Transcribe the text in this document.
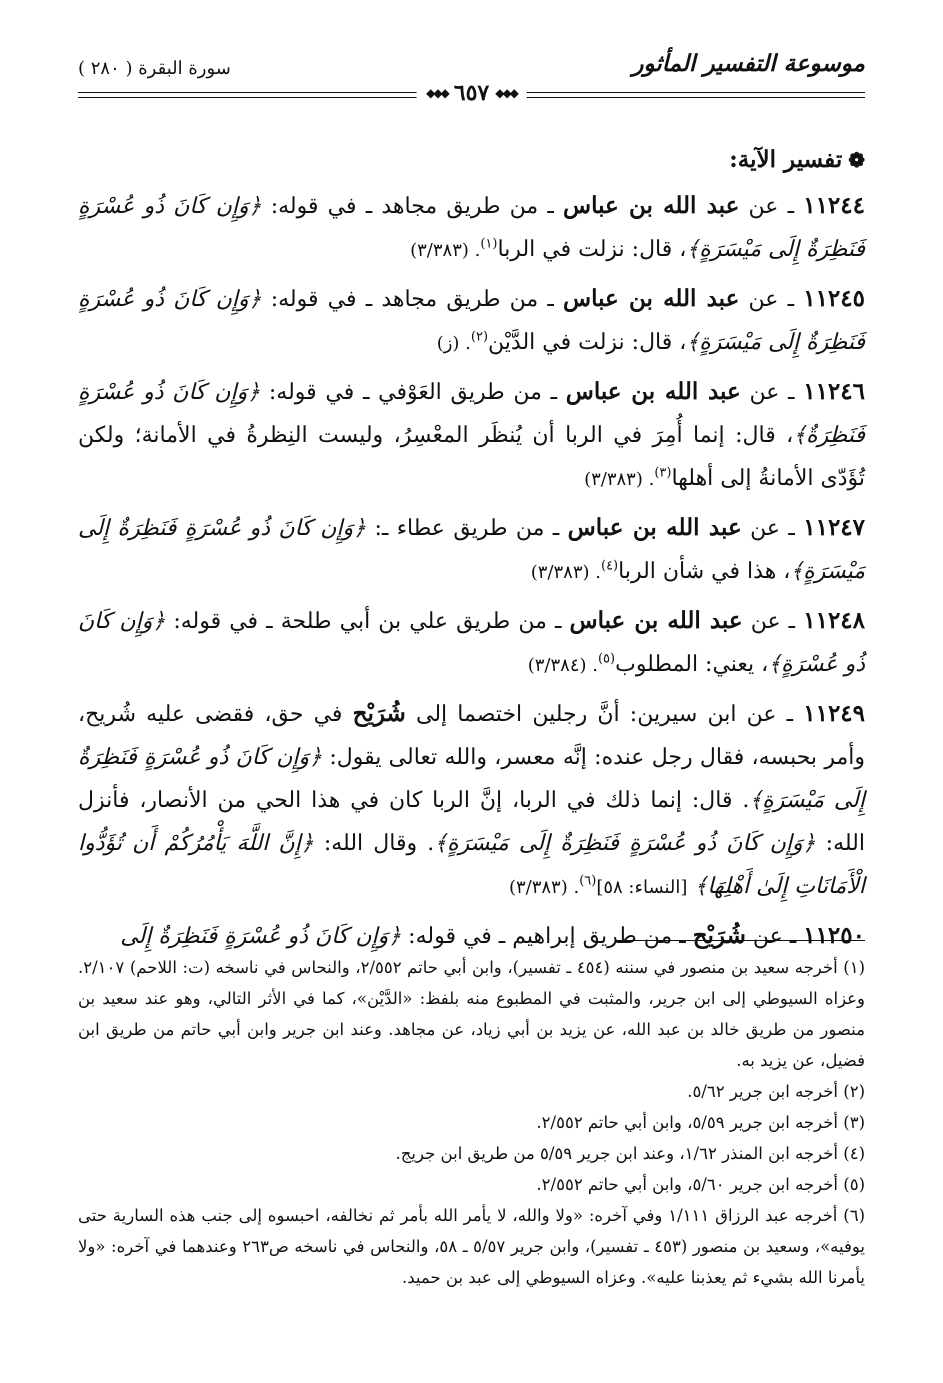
موسوعة التفسير المأثور
سورة البقرة ( ٢٨٠ )
◆◆◆
٦٥٧
◆◆◆
❁تفسير الآية:
١١٢٤٤ ـ عن عبد الله بن عباس ـ من طريق مجاهد ـ في قوله: ﴿وَإِن كَانَ ذُو عُسْرَةٍ فَنَظِرَةٌ إِلَى مَيْسَرَةٍ﴾، قال: نزلت في الربا$^{(١)}$. (٣/٣٨٣)
١١٢٤٥ ـ عن عبد الله بن عباس ـ من طريق مجاهد ـ في قوله: ﴿وَإِن كَانَ ذُو عُسْرَةٍ فَنَظِرَةٌ إِلَى مَيْسَرَةٍ﴾، قال: نزلت في الدَّيْن$^{(٢)}$. (ز)
١١٢٤٦ ـ عن عبد الله بن عباس ـ من طريق العَوْفي ـ في قوله: ﴿وَإِن كَانَ ذُو عُسْرَةٍ فَنَظِرَةٌ﴾، قال: إنما أُمِرَ في الربا أن يُنظَر المعْسِرُ، وليست النِظرةُ في الأمانة؛ ولكن تُؤَدّى الأمانةُ إلى أهلها$^{(٣)}$. (٣/٣٨٣)
١١٢٤٧ ـ عن عبد الله بن عباس ـ من طريق عطاء ـ: ﴿وَإِن كَانَ ذُو عُسْرَةٍ فَنَظِرَةٌ إِلَى مَيْسَرَةٍ﴾، هذا في شأن الربا$^{(٤)}$. (٣/٣٨٣)
١١٢٤٨ ـ عن عبد الله بن عباس ـ من طريق علي بن أبي طلحة ـ في قوله: ﴿وَإِن كَانَ ذُو عُسْرَةٍ﴾، يعني: المطلوب$^{(٥)}$. (٣/٣٨٤)
١١٢٤٩ ـ عن ابن سيرين: أنَّ رجلين اختصما إلى شُرَيْح في حق، فقضى عليه شُريح، وأمر بحبسه، فقال رجل عنده: إنَّه معسر، والله تعالى يقول: ﴿وَإِن كَانَ ذُو عُسْرَةٍ فَنَظِرَةٌ إِلَى مَيْسَرَةٍ﴾. قال: إنما ذلك في الربا، إنَّ الربا كان في هذا الحي من الأنصار، فأنزل الله: ﴿وَإِن كَانَ ذُو عُسْرَةٍ فَنَظِرَةٌ إِلَى مَيْسَرَةٍ﴾. وقال الله: ﴿إِنَّ اللَّهَ يَأْمُرُكُمْ أَن تُؤَدُّوا الْأَمَانَاتِ إِلَىٰ أَهْلِهَا﴾ [النساء: ٥٨]$^{(٦)}$. (٣/٣٨٣)
١١٢٥٠ ـ عن شُرَيْح ـ من طريق إبراهيم ـ في قوله: ﴿وَإِن كَانَ ذُو عُسْرَةٍ فَنَظِرَةٌ إِلَى

(١) أخرجه سعيد بن منصور في سننه (٤٥٤ ـ تفسير)، وابن أبي حاتم ٢/٥٥٢، والنحاس في ناسخه (ت: اللاحم) ٢/١٠٧. وعزاه السيوطي إلى ابن جرير، والمثبت في المطبوع منه بلفظ: «الدَّيْن»، كما في الأثر التالي، وهو عند سعيد بن منصور من طريق خالد بن عبد الله، عن يزيد بن أبي زياد، عن مجاهد. وعند ابن جرير وابن أبي حاتم من طريق ابن فضيل، عن يزيد به.

(٢) أخرجه ابن جرير ٥/٦٢.

(٣) أخرجه ابن جرير ٥/٥٩، وابن أبي حاتم ٢/٥٥٢.

(٤) أخرجه ابن المنذر ١/٦٢، وعند ابن جرير ٥/٥٩ من طريق ابن جريج.

(٥) أخرجه ابن جرير ٥/٦٠، وابن أبي حاتم ٢/٥٥٢.

(٦) أخرجه عبد الرزاق ١/١١١ وفي آخره: «ولا والله، لا يأمر الله بأمر ثم نخالفه، احبسوه إلى جنب هذه السارية حتى يوفيه»، وسعيد بن منصور (٤٥٣ ـ تفسير)، وابن جرير ٥/٥٧ ـ ٥٨، والنحاس في ناسخه ص٢٦٣ وعندهما في آخره: «ولا يأمرنا الله بشيء ثم يعذبنا عليه». وعزاه السيوطي إلى عبد بن حميد.
